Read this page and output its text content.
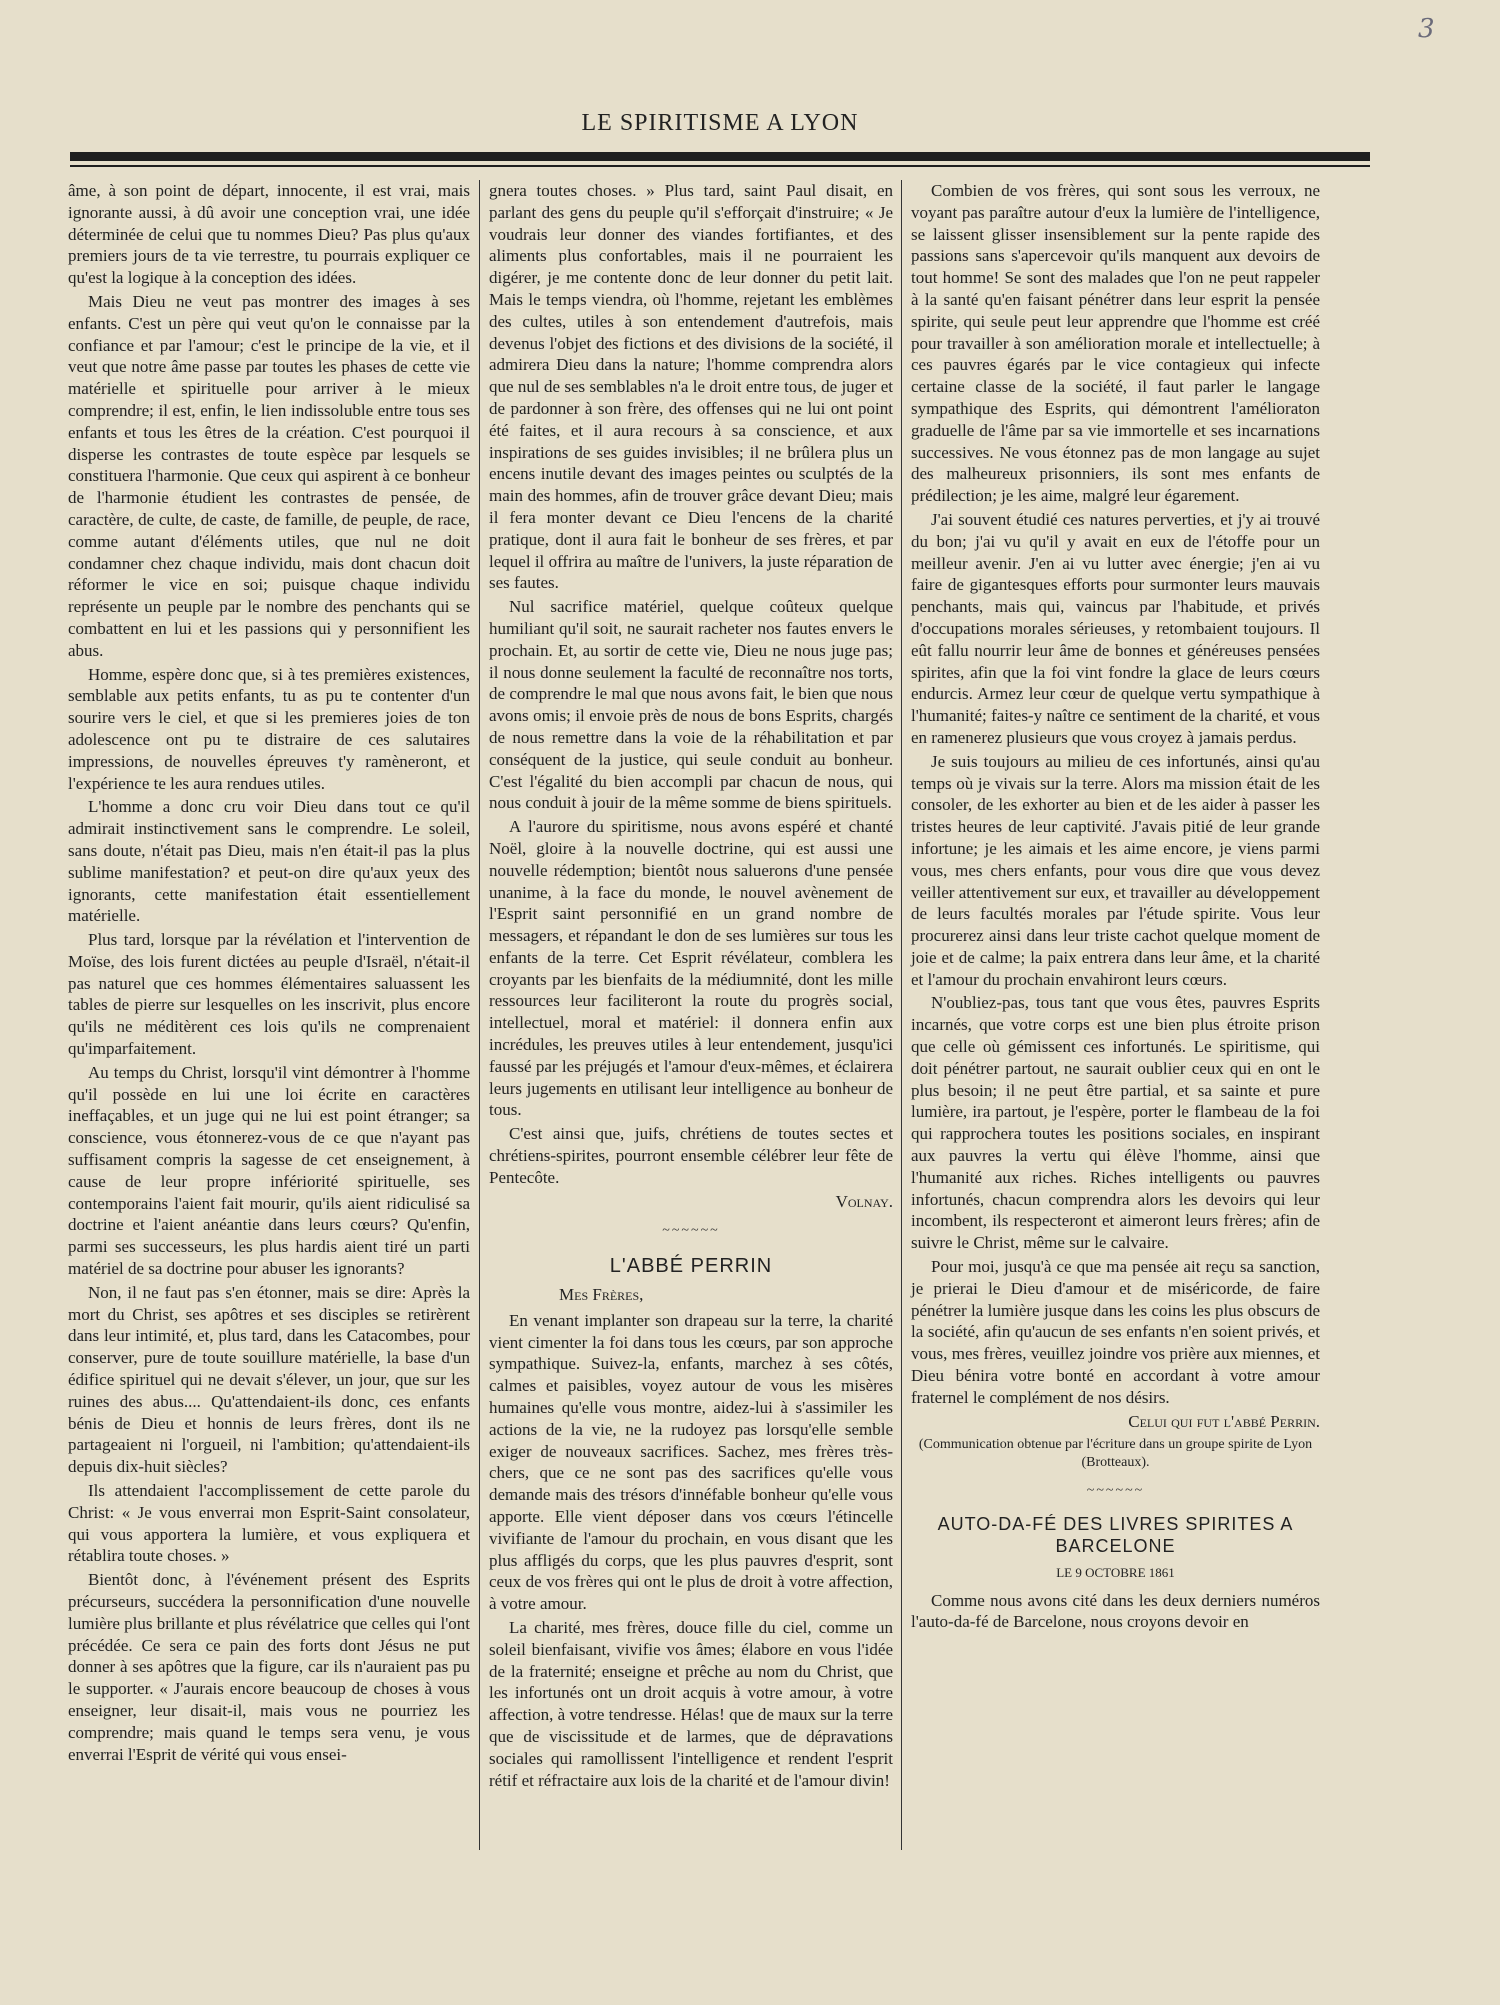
3
LE SPIRITISME A LYON

âme, à son point de départ, innocente, il est vrai, mais ignorante aussi, à dû avoir une conception vrai, une idée déterminée de celui que tu nommes Dieu? Pas plus qu'aux premiers jours de ta vie terrestre, tu pourrais expliquer ce qu'est la logique à la conception des idées.

Mais Dieu ne veut pas montrer des images à ses enfants. C'est un père qui veut qu'on le connaisse par la confiance et par l'amour; c'est le principe de la vie, et il veut que notre âme passe par toutes les phases de cette vie matérielle et spirituelle pour arriver à le mieux comprendre; il est, enfin, le lien indissoluble entre tous ses enfants et tous les êtres de la création. C'est pourquoi il disperse les contrastes de toute espèce par lesquels se constituera l'harmonie. Que ceux qui aspirent à ce bonheur de l'harmonie étudient les contrastes de pensée, de caractère, de culte, de caste, de famille, de peuple, de race, comme autant d'éléments utiles, que nul ne doit condamner chez chaque individu, mais dont chacun doit réformer le vice en soi; puisque chaque individu représente un peuple par le nombre des penchants qui se combattent en lui et les passions qui y personnifient les abus.

Homme, espère donc que, si à tes premières existences, semblable aux petits enfants, tu as pu te contenter d'un sourire vers le ciel, et que si les premieres joies de ton adolescence ont pu te distraire de ces salutaires impressions, de nouvelles épreuves t'y ramèneront, et l'expérience te les aura rendues utiles.

L'homme a donc cru voir Dieu dans tout ce qu'il admirait instinctivement sans le comprendre. Le soleil, sans doute, n'était pas Dieu, mais n'en était-il pas la plus sublime manifestation? et peut-on dire qu'aux yeux des ignorants, cette manifestation était essentiellement matérielle.

Plus tard, lorsque par la révélation et l'intervention de Moïse, des lois furent dictées au peuple d'Israël, n'était-il pas naturel que ces hommes élémentaires saluassent les tables de pierre sur lesquelles on les inscrivit, plus encore qu'ils ne méditèrent ces lois qu'ils ne comprenaient qu'imparfaitement.

Au temps du Christ, lorsqu'il vint démontrer à l'homme qu'il possède en lui une loi écrite en caractères ineffaçables, et un juge qui ne lui est point étranger; sa conscience, vous étonnerez-vous de ce que n'ayant pas suffisament compris la sagesse de cet enseignement, à cause de leur propre infériorité spirituelle, ses contemporains l'aient fait mourir, qu'ils aient ridiculisé sa doctrine et l'aient anéantie dans leurs cœurs? Qu'enfin, parmi ses successeurs, les plus hardis aient tiré un parti matériel de sa doctrine pour abuser les ignorants?

Non, il ne faut pas s'en étonner, mais se dire: Après la mort du Christ, ses apôtres et ses disciples se retirèrent dans leur intimité, et, plus tard, dans les Catacombes, pour conserver, pure de toute souillure matérielle, la base d'un édifice spirituel qui ne devait s'élever, un jour, que sur les ruines des abus.... Qu'attendaient-ils donc, ces enfants bénis de Dieu et honnis de leurs frères, dont ils ne partageaient ni l'orgueil, ni l'ambition; qu'attendaient-ils depuis dix-huit siècles?

Ils attendaient l'accomplissement de cette parole du Christ: « Je vous enverrai mon Esprit-Saint consolateur, qui vous apportera la lumière, et vous expliquera et rétablira toute choses. »

Bientôt donc, à l'événement présent des Esprits précurseurs, succédera la personnification d'une nouvelle lumière plus brillante et plus révélatrice que celles qui l'ont précédée. Ce sera ce pain des forts dont Jésus ne put donner à ses apôtres que la figure, car ils n'auraient pas pu le supporter. « J'aurais encore beaucoup de choses à vous enseigner, leur disait-il, mais vous ne pourriez les comprendre; mais quand le temps sera venu, je vous enverrai l'Esprit de vérité qui vous ensei-

gnera toutes choses. » Plus tard, saint Paul disait, en parlant des gens du peuple qu'il s'efforçait d'instruire; « Je voudrais leur donner des viandes fortifiantes, et des aliments plus confortables, mais il ne pourraient les digérer, je me contente donc de leur donner du petit lait. Mais le temps viendra, où l'homme, rejetant les emblèmes des cultes, utiles à son entendement d'autrefois, mais devenus l'objet des fictions et des divisions de la société, il admirera Dieu dans la nature; l'homme comprendra alors que nul de ses semblables n'a le droit entre tous, de juger et de pardonner à son frère, des offenses qui ne lui ont point été faites, et il aura recours à sa conscience, et aux inspirations de ses guides invisibles; il ne brûlera plus un encens inutile devant des images peintes ou sculptés de la main des hommes, afin de trouver grâce devant Dieu; mais il fera monter devant ce Dieu l'encens de la charité pratique, dont il aura fait le bonheur de ses frères, et par lequel il offrira au maître de l'univers, la juste réparation de ses fautes.

Nul sacrifice matériel, quelque coûteux quelque humiliant qu'il soit, ne saurait racheter nos fautes envers le prochain. Et, au sortir de cette vie, Dieu ne nous juge pas; il nous donne seulement la faculté de reconnaître nos torts, de comprendre le mal que nous avons fait, le bien que nous avons omis; il envoie près de nous de bons Esprits, chargés de nous remettre dans la voie de la réhabilitation et par conséquent de la justice, qui seule conduit au bonheur. C'est l'égalité du bien accompli par chacun de nous, qui nous conduit à jouir de la même somme de biens spirituels.

A l'aurore du spiritisme, nous avons espéré et chanté Noël, gloire à la nouvelle doctrine, qui est aussi une nouvelle rédemption; bientôt nous saluerons d'une pensée unanime, à la face du monde, le nouvel avènement de l'Esprit saint personnifié en un grand nombre de messagers, et répandant le don de ses lumières sur tous les enfants de la terre. Cet Esprit révélateur, comblera les croyants par les bienfaits de la médiumnité, dont les mille ressources leur faciliteront la route du progrès social, intellectuel, moral et matériel: il donnera enfin aux incrédules, les preuves utiles à leur entendement, jusqu'ici faussé par les préjugés et l'amour d'eux-mêmes, et éclairera leurs jugements en utilisant leur intelligence au bonheur de tous.

C'est ainsi que, juifs, chrétiens de toutes sectes et chrétiens-spirites, pourront ensemble célébrer leur fête de Pentecôte.

Volnay.

~~~~~~
L'ABBÉ PERRIN
Mes Frères,

En venant implanter son drapeau sur la terre, la charité vient cimenter la foi dans tous les cœurs, par son approche sympathique. Suivez-la, enfants, marchez à ses côtés, calmes et paisibles, voyez autour de vous les misères humaines qu'elle vous montre, aidez-lui à s'assimiler les actions de la vie, ne la rudoyez pas lorsqu'elle semble exiger de nouveaux sacrifices. Sachez, mes frères très-chers, que ce ne sont pas des sacrifices qu'elle vous demande mais des trésors d'innéfable bonheur qu'elle vous apporte. Elle vient déposer dans vos cœurs l'étincelle vivifiante de l'amour du prochain, en vous disant que les plus affligés du corps, que les plus pauvres d'esprit, sont ceux de vos frères qui ont le plus de droit à votre affection, à votre amour.

La charité, mes frères, douce fille du ciel, comme un soleil bienfaisant, vivifie vos âmes; élabore en vous l'idée de la fraternité; enseigne et prêche au nom du Christ, que les infortunés ont un droit acquis à votre amour, à votre affection, à votre tendresse. Hélas! que de maux sur la terre que de viscissitude et de larmes, que de dépravations sociales qui ramollissent l'intelligence et rendent l'esprit rétif et réfractaire aux lois de la charité et de l'amour divin!

Combien de vos frères, qui sont sous les verroux, ne voyant pas paraître autour d'eux la lumière de l'intelligence, se laissent glisser insensiblement sur la pente rapide des passions sans s'apercevoir qu'ils manquent aux devoirs de tout homme! Se sont des malades que l'on ne peut rappeler à la santé qu'en faisant pénétrer dans leur esprit la pensée spirite, qui seule peut leur apprendre que l'homme est créé pour travailler à son amélioration morale et intellectuelle; à ces pauvres égarés par le vice contagieux qui infecte certaine classe de la société, il faut parler le langage sympathique des Esprits, qui démontrent l'amélioraton graduelle de l'âme par sa vie immortelle et ses incarnations successives. Ne vous étonnez pas de mon langage au sujet des malheureux prisonniers, ils sont mes enfants de prédilection; je les aime, malgré leur égarement.

J'ai souvent étudié ces natures perverties, et j'y ai trouvé du bon; j'ai vu qu'il y avait en eux de l'étoffe pour un meilleur avenir. J'en ai vu lutter avec énergie; j'en ai vu faire de gigantesques efforts pour surmonter leurs mauvais penchants, mais qui, vaincus par l'habitude, et privés d'occupations morales sérieuses, y retombaient toujours. Il eût fallu nourrir leur âme de bonnes et généreuses pensées spirites, afin que la foi vint fondre la glace de leurs cœurs endurcis. Armez leur cœur de quelque vertu sympathique à l'humanité; faites-y naître ce sentiment de la charité, et vous en ramenerez plusieurs que vous croyez à jamais perdus.

Je suis toujours au milieu de ces infortunés, ainsi qu'au temps où je vivais sur la terre. Alors ma mission était de les consoler, de les exhorter au bien et de les aider à passer les tristes heures de leur captivité. J'avais pitié de leur grande infortune; je les aimais et les aime encore, je viens parmi vous, mes chers enfants, pour vous dire que vous devez veiller attentivement sur eux, et travailler au développement de leurs facultés morales par l'étude spirite. Vous leur procurerez ainsi dans leur triste cachot quelque moment de joie et de calme; la paix entrera dans leur âme, et la charité et l'amour du prochain envahiront leurs cœurs.

N'oubliez-pas, tous tant que vous êtes, pauvres Esprits incarnés, que votre corps est une bien plus étroite prison que celle où gémissent ces infortunés. Le spiritisme, qui doit pénétrer partout, ne saurait oublier ceux qui en ont le plus besoin; il ne peut être partial, et sa sainte et pure lumière, ira partout, je l'espère, porter le flambeau de la foi qui rapprochera toutes les positions sociales, en inspirant aux pauvres la vertu qui élève l'homme, ainsi que l'humanité aux riches. Riches intelligents ou pauvres infortunés, chacun comprendra alors les devoirs qui leur incombent, ils respecteront et aimeront leurs frères; afin de suivre le Christ, même sur le calvaire.

Pour moi, jusqu'à ce que ma pensée ait reçu sa sanction, je prierai le Dieu d'amour et de miséricorde, de faire pénétrer la lumière jusque dans les coins les plus obscurs de la société, afin qu'aucun de ses enfants n'en soient privés, et vous, mes frères, veuillez joindre vos prière aux miennes, et Dieu bénira votre bonté en accordant à votre amour fraternel le complément de nos désirs.

Celui qui fut l'abbé Perrin.

(Communication obtenue par l'écriture dans un groupe spirite de Lyon (Brotteaux).
~~~~~~
AUTO-DA-FÉ DES LIVRES SPIRITES A BARCELONE
LE 9 OCTOBRE 1861

Comme nous avons cité dans les deux derniers numéros l'auto-da-fé de Barcelone, nous croyons devoir en
